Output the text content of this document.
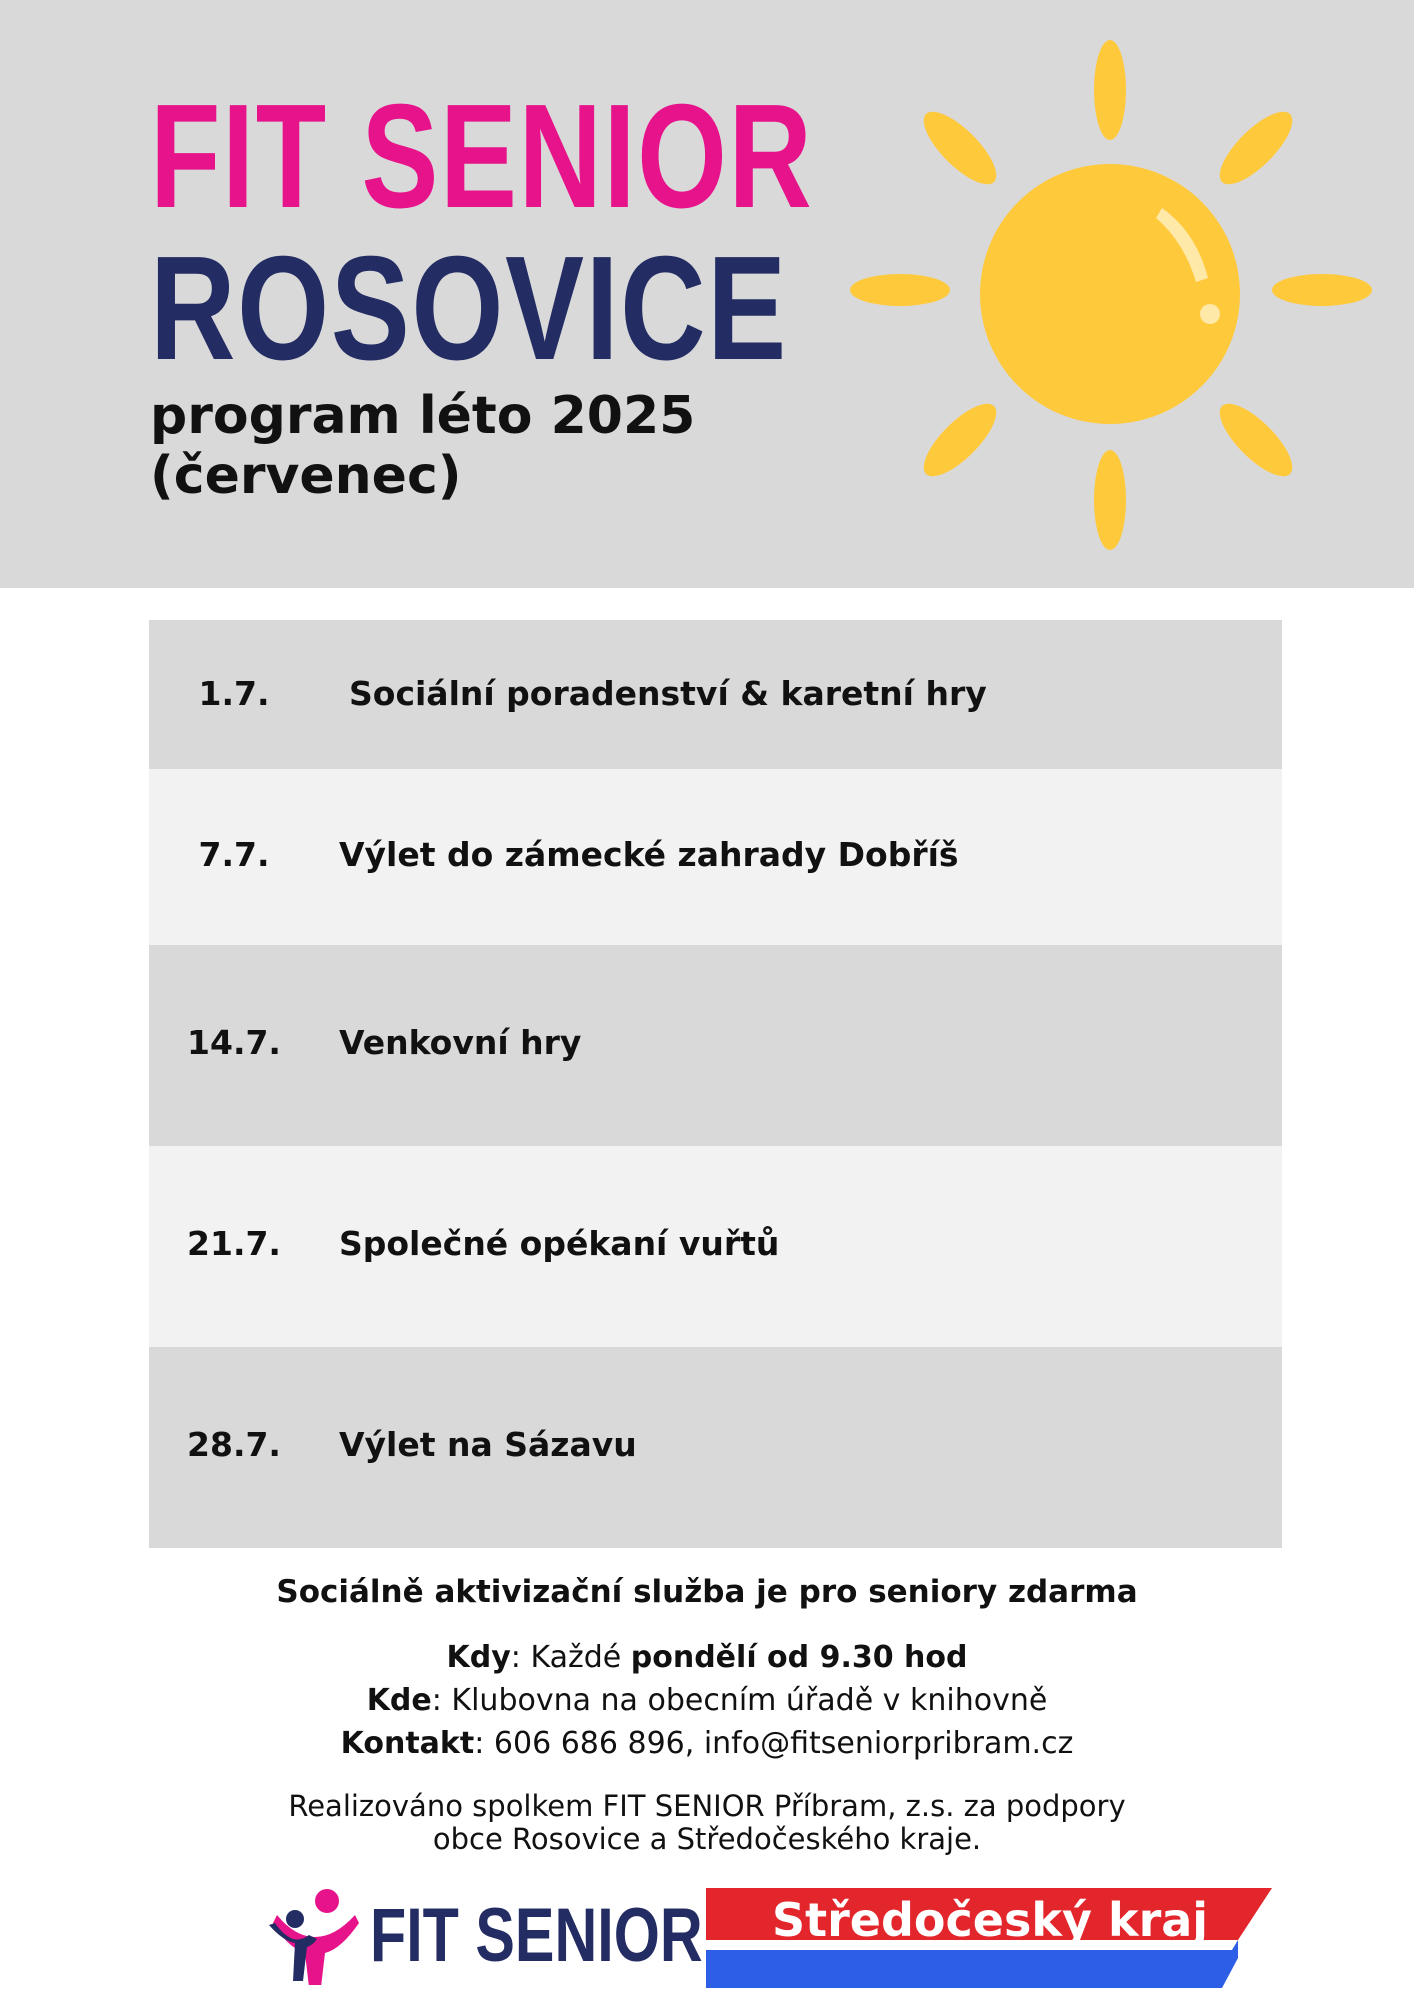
FIT SENIOR
ROSOVICE
program léto 2025
(červenec)
1.7.	Sociální poradenství & karetní hry
7.7.	Výlet do zámecké zahrady Dobříš
14.7.	Venkovní hry
21.7.	Společné opékaní vuřtů
28.7.	Výlet na Sázavu
Sociálně aktivizační služba je pro seniory zdarma
Kdy: Každé pondělí od 9.30 hod
Kde: Klubovna na obecním úřadě v knihovně
Kontakt: 606 686 896, info@fitseniorpribram.cz
Realizováno spolkem FIT SENIOR Příbram, z.s. za podpory
obce Rosovice a Středočeského kraje.
FIT SENIOR Středočeský kraj
